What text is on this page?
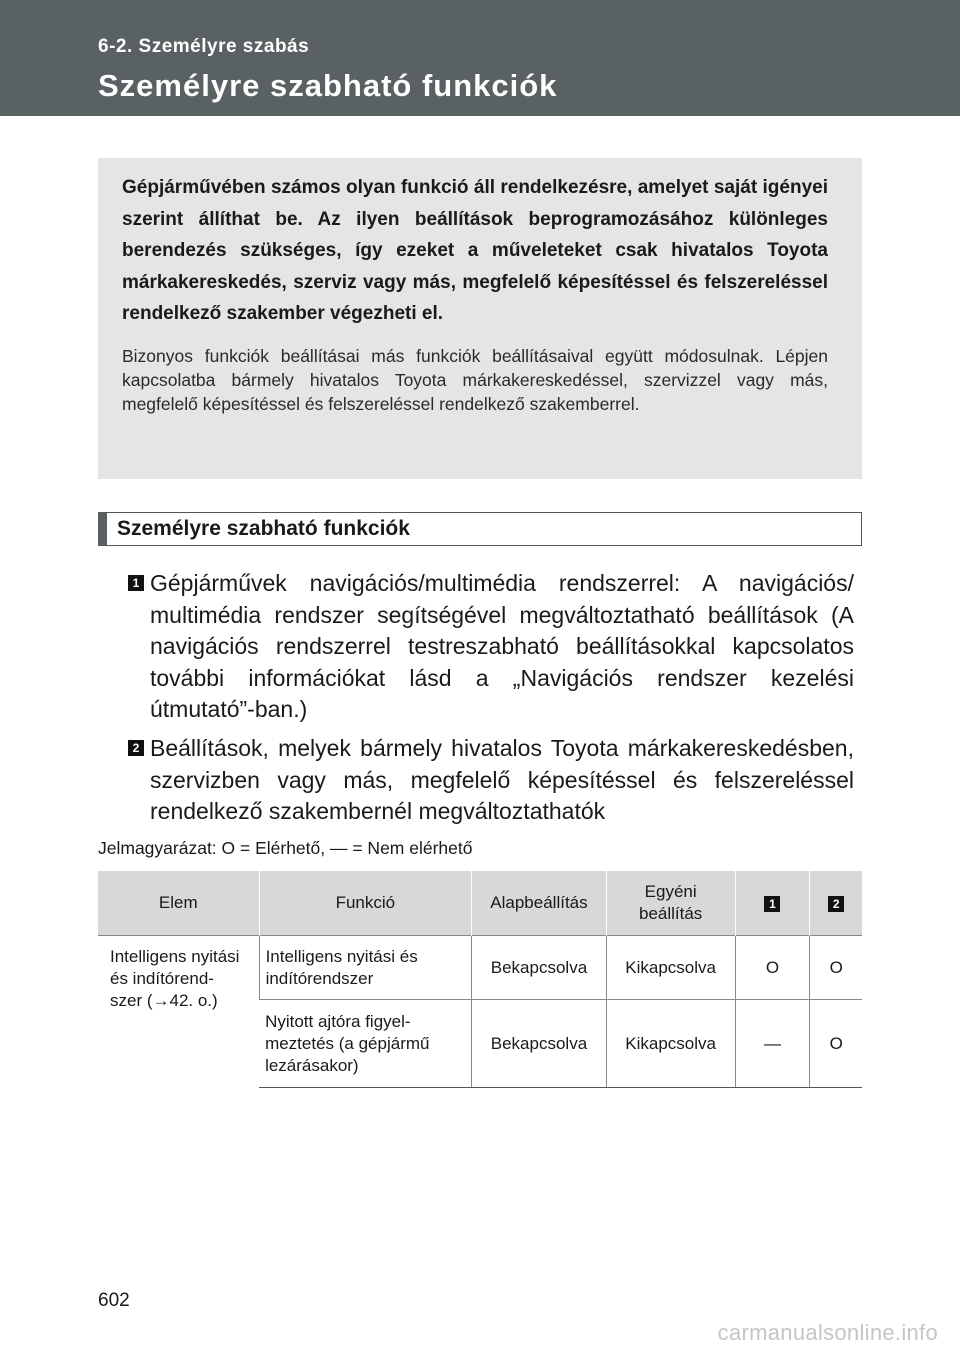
6-2. Személyre szabás
Személyre szabható funkciók

Gépjárművében számos olyan funkció áll rendelkezésre, amelyet saját igényei szerint állíthat be. Az ilyen beállítások beprogramozásához különleges berendezés szükséges, így ezeket a műveleteket csak hivatalos Toyota márkakereskedés, szerviz vagy más, megfelelő képesítéssel és felszereléssel rendelkező szakember végezheti el.

Bizonyos funkciók beállításai más funkciók beállításaival együtt módosulnak. Lépjen kapcsolatba bármely hivatalos Toyota márkakereskedéssel, szervizzel vagy más, megfelelő képesítéssel és felszereléssel rendelkező szakemberrel.

Személyre szabható funkciók
1 Gépjárművek navigációs/multimédia rendszerrel: A navigációs/ multimédia rendszer segítségével megváltoztatható beállítások (A navigációs rendszerrel testreszabható beállításokkal kapcsolatos további információkat lásd a „Navigációs rendszer kezelési útmutató”-ban.)
2 Beállítások, melyek bármely hivatalos Toyota márkakereskedésben, szervizben vagy más, megfelelő képesítéssel és felszereléssel rendelkező szakembernél megváltoztathatók
Jelmagyarázat: O = Elérhető, — = Nem elérhető
Elem	Funkció	Alapbeállítás	Egyéni beállítás	1	2
Intelligens nyitási és indítórend- szer (→42. o.)	Intelligens nyitási és indítórendszer	Bekapcsolva	Kikapcsolva	O	O
	Nyitott ajtóra figyel- meztetés (a gépjármű lezárásakor)	Bekapcsolva	Kikapcsolva	—	O
602
carmanualsonline.info
